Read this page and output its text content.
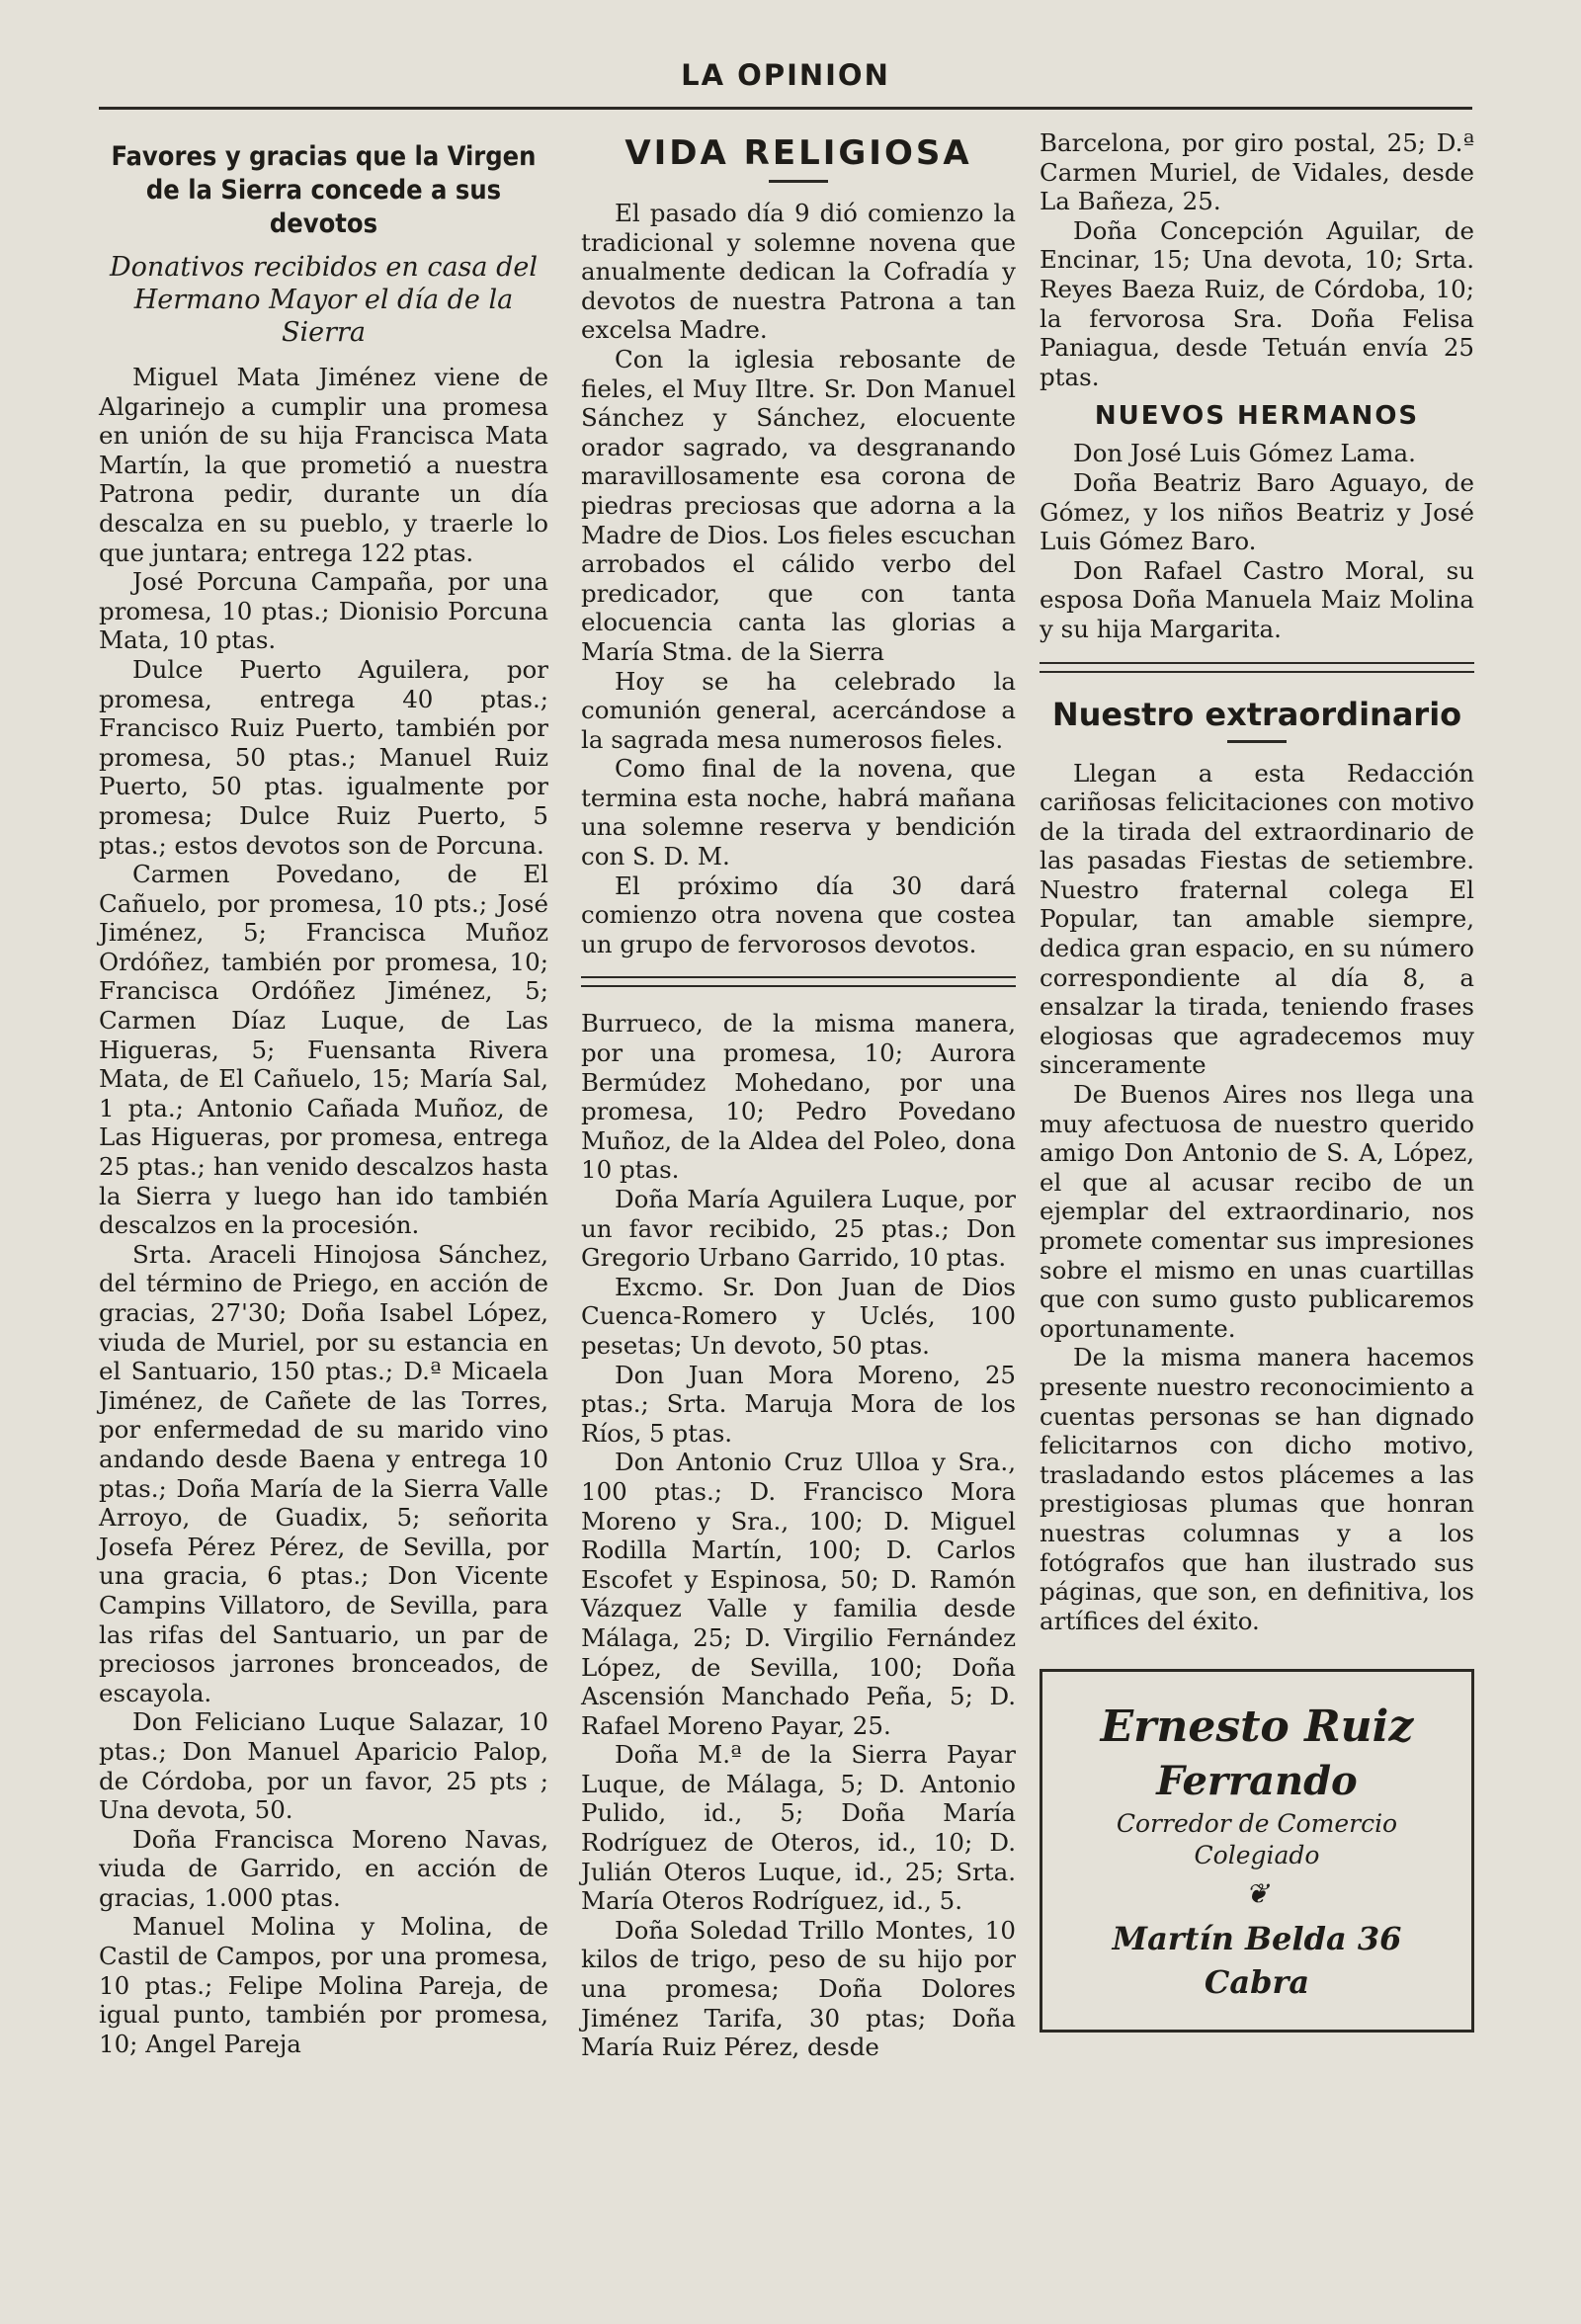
LA OPINION
Favores y gracias que la Virgen de la Sierra concede a sus devotos
Donativos recibidos en casa del Hermano Mayor el día de la Sierra

Miguel Mata Jiménez viene de Algarinejo a cumplir una promesa en unión de su hija Francisca Mata Martín, la que prometió a nuestra Patrona pedir, durante un día descalza en su pueblo, y traerle lo que juntara; entrega 122 ptas.

José Porcuna Campaña, por una promesa, 10 ptas.; Dionisio Porcuna Mata, 10 ptas.

Dulce Puerto Aguilera, por promesa, entrega 40 ptas.; Francisco Ruiz Puerto, también por promesa, 50 ptas.; Manuel Ruiz Puerto, 50 ptas. igualmente por promesa; Dulce Ruiz Puerto, 5 ptas.; estos devotos son de Porcuna.

Carmen Povedano, de El Cañuelo, por promesa, 10 pts.; José Jiménez, 5; Francisca Muñoz Ordóñez, también por promesa, 10; Francisca Ordóñez Jiménez, 5; Carmen Díaz Luque, de Las Higueras, 5; Fuensanta Rivera Mata, de El Cañuelo, 15; María Sal, 1 pta.; Antonio Cañada Muñoz, de Las Higueras, por promesa, entrega 25 ptas.; han venido descalzos hasta la Sierra y luego han ido también descalzos en la procesión.

Srta. Araceli Hinojosa Sánchez, del término de Priego, en acción de gracias, 27'30; Doña Isabel López, viuda de Muriel, por su estancia en el Santuario, 150 ptas.; D.ª Micaela Jiménez, de Cañete de las Torres, por enfermedad de su marido vino andando desde Baena y entrega 10 ptas.; Doña María de la Sierra Valle Arroyo, de Guadix, 5; señorita Josefa Pérez Pérez, de Sevilla, por una gracia, 6 ptas.; Don Vicente Campins Villatoro, de Sevilla, para las rifas del Santuario, un par de preciosos jarrones bronceados, de escayola.

Don Feliciano Luque Salazar, 10 ptas.; Don Manuel Aparicio Palop, de Córdoba, por un favor, 25 pts ; Una devota, 50.

Doña Francisca Moreno Navas, viuda de Garrido, en acción de gracias, 1.000 ptas.

Manuel Molina y Molina, de Castil de Campos, por una promesa, 10 ptas.; Felipe Molina Pareja, de igual punto, también por promesa, 10; Angel Pareja

VIDA RELIGIOSA

El pasado día 9 dió comienzo la tradicional y solemne novena que anualmente dedican la Cofradía y devotos de nuestra Patrona a tan excelsa Madre.

Con la iglesia rebosante de fieles, el Muy Iltre. Sr. Don Manuel Sánchez y Sánchez, elocuente orador sagrado, va desgranando maravillosamente esa corona de piedras preciosas que adorna a la Madre de Dios. Los fieles escuchan arrobados el cálido verbo del predicador, que con tanta elocuencia canta las glorias a María Stma. de la Sierra

Hoy se ha celebrado la comunión general, acercándose a la sagrada mesa numerosos fieles.

Como final de la novena, que termina esta noche, habrá mañana una solemne reserva y bendición con S. D. M.

El próximo día 30 dará comienzo otra novena que costea un grupo de fervorosos devotos.

Burrueco, de la misma manera, por una promesa, 10; Aurora Bermúdez Mohedano, por una promesa, 10; Pedro Povedano Muñoz, de la Aldea del Poleo, dona 10 ptas.

Doña María Aguilera Luque, por un favor recibido, 25 ptas.; Don Gregorio Urbano Garrido, 10 ptas.

Excmo. Sr. Don Juan de Dios Cuenca-Romero y Uclés, 100 pesetas; Un devoto, 50 ptas.

Don Juan Mora Moreno, 25 ptas.; Srta. Maruja Mora de los Ríos, 5 ptas.

Don Antonio Cruz Ulloa y Sra., 100 ptas.; D. Francisco Mora Moreno y Sra., 100; D. Miguel Rodilla Martín, 100; D. Carlos Escofet y Espinosa, 50; D. Ramón Vázquez Valle y familia desde Málaga, 25; D. Virgilio Fernández López, de Sevilla, 100; Doña Ascensión Manchado Peña, 5; D. Rafael Moreno Payar, 25.

Doña M.ª de la Sierra Payar Luque, de Málaga, 5; D. Antonio Pulido, id., 5; Doña María Rodríguez de Oteros, id., 10; D. Julián Oteros Luque, id., 25; Srta. María Oteros Rodríguez, id., 5.

Doña Soledad Trillo Montes, 10 kilos de trigo, peso de su hijo por una promesa; Doña Dolores Jiménez Tarifa, 30 ptas; Doña María Ruiz Pérez, desde

Barcelona, por giro postal, 25; D.ª Carmen Muriel, de Vidales, desde La Bañeza, 25.

Doña Concepción Aguilar, de Encinar, 15; Una devota, 10; Srta. Reyes Baeza Ruiz, de Córdoba, 10; la fervorosa Sra. Doña Felisa Paniagua, desde Tetuán envía 25 ptas.

NUEVOS HERMANOS

Don José Luis Gómez Lama.

Doña Beatriz Baro Aguayo, de Gómez, y los niños Beatriz y José Luis Gómez Baro.

Don Rafael Castro Moral, su esposa Doña Manuela Maiz Molina y su hija Margarita.

Nuestro extraordinario

Llegan a esta Redacción cariñosas felicitaciones con motivo de la tirada del extraordinario de las pasadas Fiestas de setiembre. Nuestro fraternal colega El Popular, tan amable siempre, dedica gran espacio, en su número correspondiente al día 8, a ensalzar la tirada, teniendo frases elogiosas que agradecemos muy sinceramente

De Buenos Aires nos llega una muy afectuosa de nuestro querido amigo Don Antonio de S. A, López, el que al acusar recibo de un ejemplar del extraordinario, nos promete comentar sus impresiones sobre el mismo en unas cuartillas que con sumo gusto publicaremos oportunamente.

De la misma manera hacemos presente nuestro reconocimiento a cuentas personas se han dignado felicitarnos con dicho motivo, trasladando estos plácemes a las prestigiosas plumas que honran nuestras columnas y a los fotógrafos que han ilustrado sus páginas, que son, en definitiva, los artífices del éxito.

Ernesto Ruiz
Ferrando
Corredor de Comercio
Colegiado
❦
Martín Belda 36
Cabra
